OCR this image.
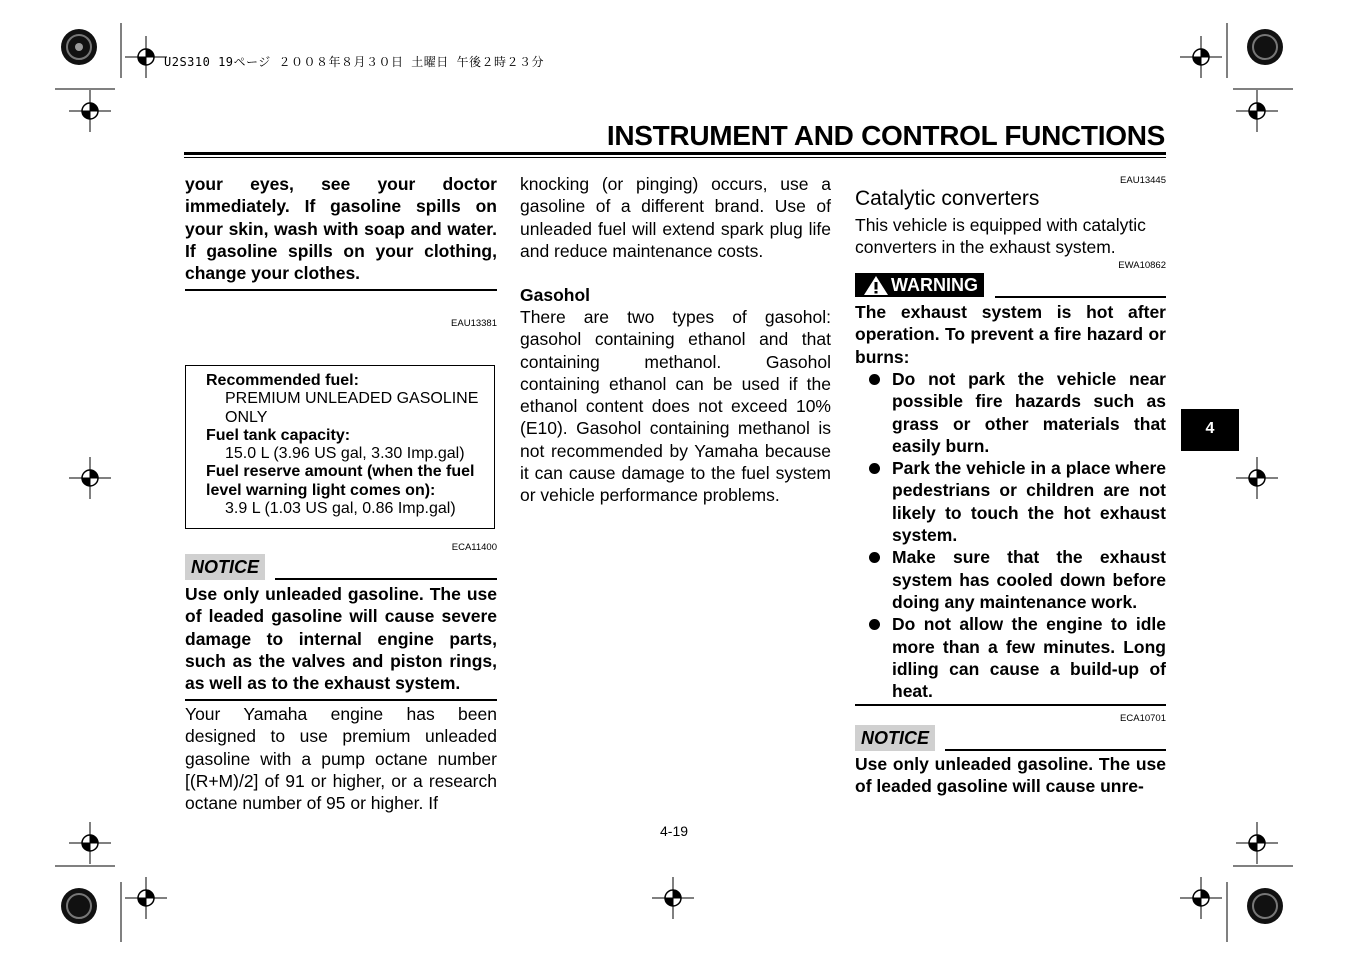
U2S310 19ページ ２００８年８月３０日 土曜日 午後２時２３分
INSTRUMENT AND CONTROL FUNCTIONS
your eyes, see your doctor immediately. If gasoline spills on your skin, wash with soap and water. If gasoline spills on your clothing, change your clothes.
EAU13381
Recommended fuel:
PREMIUM UNLEADED GASOLINE ONLY
Fuel tank capacity:
15.0 L (3.96 US gal, 3.30 Imp.gal)
Fuel reserve amount (when the fuel level warning light comes on):
3.9 L (1.03 US gal, 0.86 Imp.gal)
ECA11400
NOTICE
Use only unleaded gasoline. The use of leaded gasoline will cause severe damage to internal engine parts, such as the valves and piston rings, as well as to the exhaust system.
Your Yamaha engine has been designed to use premium unleaded gasoline with a pump octane number [(R+M)/2] of 91 or higher, or a research octane number of 95 or higher. If
knocking (or pinging) occurs, use a gasoline of a different brand. Use of unleaded fuel will extend spark plug life and reduce maintenance costs.
Gasohol
There are two types of gasohol: gasohol containing ethanol and that containing methanol. Gasohol containing ethanol can be used if the ethanol content does not exceed 10% (E10). Gasohol containing methanol is not recommended by Yamaha because it can cause damage to the fuel system or vehicle performance problems.
EAU13445
Catalytic converters
This vehicle is equipped with catalytic converters in the exhaust system.
EWA10862
WARNING
The exhaust system is hot after operation. To prevent a fire hazard or burns:
Do not park the vehicle near possible fire hazards such as grass or other materials that easily burn.
Park the vehicle in a place where pedestrians or children are not likely to touch the hot exhaust system.
Make sure that the exhaust system has cooled down before doing any maintenance work.
Do not allow the engine to idle more than a few minutes. Long idling can cause a build-up of heat.
ECA10701
NOTICE
Use only unleaded gasoline. The use of leaded gasoline will cause unre-
4
4-19
